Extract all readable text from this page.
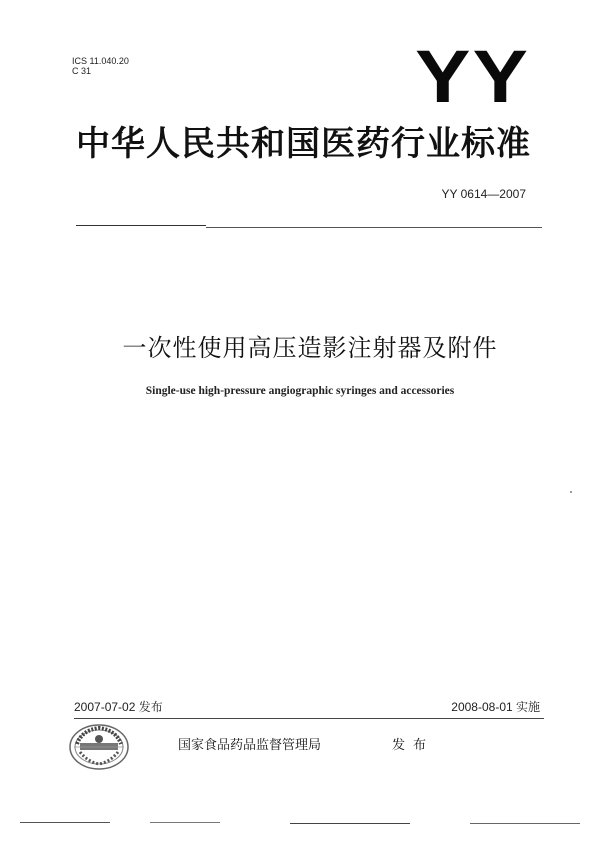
ICS 11.040.20
C 31	YY
中华人民共和国医药行业标准
YY 0614—2007
一次性使用高压造影注射器及附件
Single-use high-pressure angiographic syringes and accessories
2007-07-02 发布	2008-08-01 实施
国家食品药品监督管理局	发布
